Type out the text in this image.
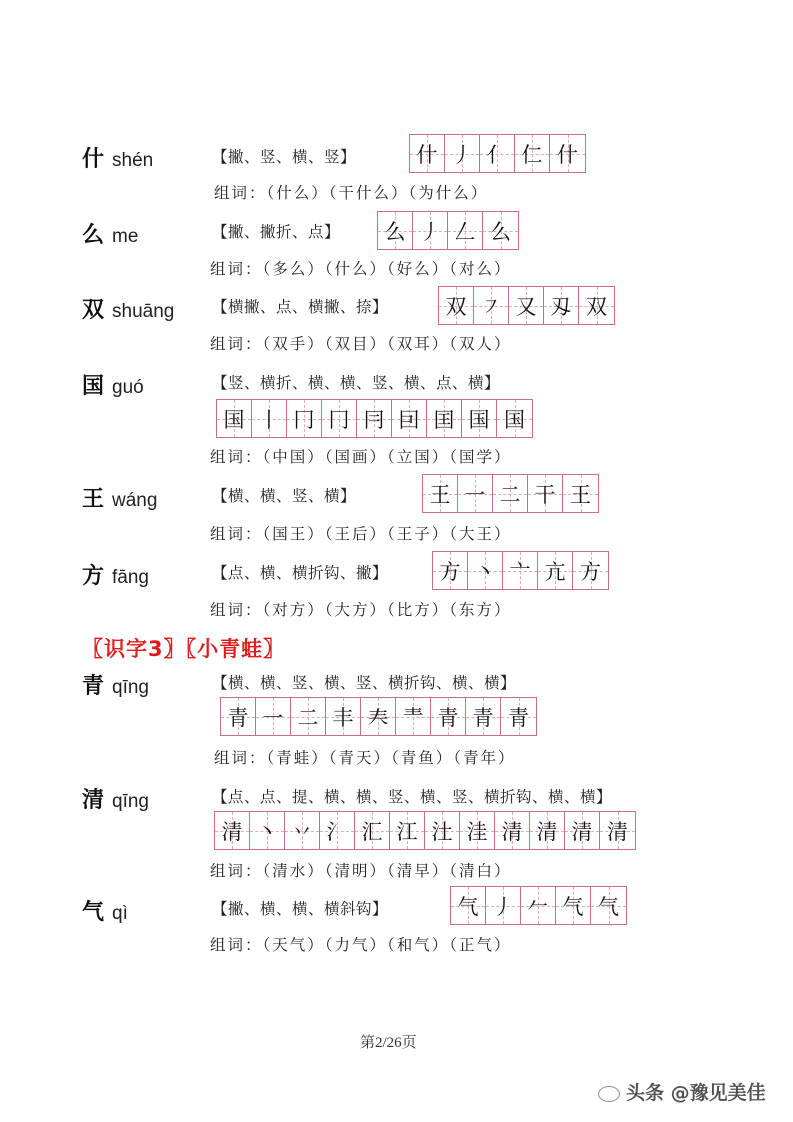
什 shén	【撇、竖、横、竖】	什 丿 亻 仁 什
组词：（什么）（干什么）（为什么）
么 me	【撇、撇折、点】 么 丿 𠃋 么
组词：（多么）（什么）（好么）（对么）
双 shuāng 【横撇、点、横撇、捺】	双 ㇇ 又 刄 双
组词：（双手）（双目）（双耳）（双人）
国 guó	【竖、横折、横、横、竖、横、点、横】
国 丨 冂 冂 冃 囙 囯 国 国
组词：（中国）（国画）（立国）（国学）
王 wáng	【横、横、竖、横】	王 一 二 干 王
组词：（国王）（王后）（王子）（大王）
方 fāng	【点、横、横折钩、撇】 方 丶 亠 亢 方
组词：（对方）（大方）（比方）（东方）
〖识字3〗〖小青蛙〗
青 qīng	【横、横、竖、横、竖、横折钩、横、横】
青 一 二 丰 𡗗 龶 青 青 青
组词：（青蛙）（青天）（青鱼）（青年）
清 qīng	【点、点、提、横、横、竖、横、竖、横折钩、横、横】
清 丶 丷 氵 汇 江 汢 洼 清 清 清 清
组词：（清水）（清明）（清早）（清白）
气 qì	【撇、横、横、横斜钩】	气 丿 𠂉 气 气
组词：（天气）（力气）（和气）（正气）
第2/26页
头条 @豫见美佳
